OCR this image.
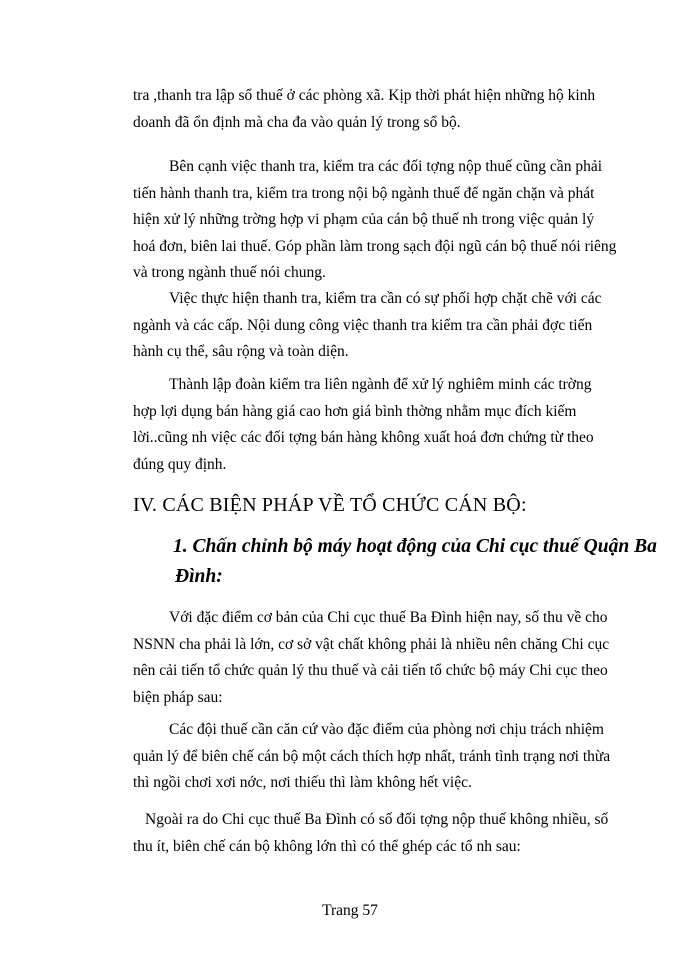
tra ,thanh tra lập sổ thuế ở các phòng xã. Kịp thời phát hiện những hộ kinh
doanh đã ổn định mà cha đa vào quản lý trong sổ bộ.
Bên cạnh việc thanh tra, kiểm tra các đối tợng nộp thuế cũng cần phải
tiến hành thanh tra, kiểm tra trong nội bộ ngành thuế để ngăn chặn và phát
hiện xử lý những trờng hợp vi phạm của cán bộ thuế nh trong việc quản lý
hoá đơn, biên lai thuế. Góp phần làm trong sạch đội ngũ cán bộ thuế nói riêng
và trong ngành thuế nói chung.
Việc thực hiện thanh tra, kiểm tra cần có sự phối hợp chặt chẽ với các
ngành và các cấp. Nội dung công việc thanh tra kiểm tra cần phải đợc tiến
hành cụ thể, sâu rộng và toàn diện.
Thành lập đoàn kiểm tra liên ngành để xử lý nghiêm minh các trờng
hợp lợi dụng bán hàng giá cao hơn giá bình thờng nhằm mục đích kiếm
lời..cũng nh việc các đối tợng bán hàng không xuất hoá đơn chứng từ theo
đúng quy định.
IV. CÁC BIỆN PHÁP VỀ TỔ CHỨC CÁN BỘ:
1. Chấn chỉnh bộ máy hoạt động của Chi cục thuế Quận Ba
Đình:
Với đặc điểm cơ bản của Chi cục thuế Ba Đình hiện nay, số thu về cho
NSNN cha phải là lớn, cơ sở vật chất không phải là nhiều nên chăng Chi cục
nên cải tiến tổ chức quản lý thu thuế và cải tiến tổ chức bộ máy Chi cục theo
biện pháp sau:
Các đội thuế cần căn cứ vào đặc điểm của phòng nơi chịu trách nhiệm
quản lý để biên chế cán bộ một cách thích hợp nhất, tránh tình trạng nơi thừa
thì ngồi chơi xơi nớc, nơi thiếu thì làm không hết việc.
Ngoài ra do Chi cục thuế Ba Đình có số đối tợng nộp thuế không nhiều, số
thu ít, biên chế cán bộ không lớn thì có thể ghép các tổ nh sau:
Trang 57
